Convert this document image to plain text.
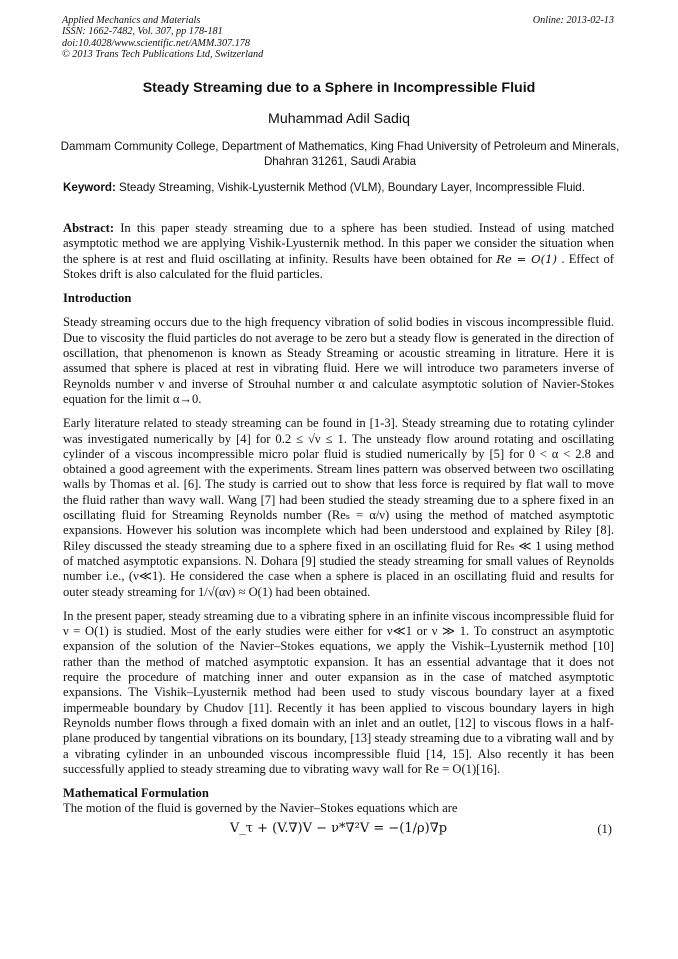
Applied Mechanics and Materials
ISSN: 1662-7482, Vol. 307, pp 178-181
doi:10.4028/www.scientific.net/AMM.307.178
© 2013 Trans Tech Publications Ltd, Switzerland
Online: 2013-02-13
Steady Streaming due to a Sphere in Incompressible Fluid
Muhammad Adil Sadiq
Dammam Community College, Department of Mathematics, King Fhad University of Petroleum and Minerals, Dhahran 31261, Saudi Arabia
Keyword: Steady Streaming, Vishik-Lyusternik Method (VLM), Boundary Layer, Incompressible Fluid.

Abstract: In this paper steady streaming due to a sphere has been studied. Instead of using matched asymptotic method we are applying Vishik-Lyusternik method. In this paper we consider the situation when the sphere is at rest and fluid oscillating at infinity. Results have been obtained for Re = O(1) . Effect of Stokes drift is also calculated for the fluid particles.

Introduction

Steady streaming occurs due to the high frequency vibration of solid bodies in viscous incompressible fluid. Due to viscosity the fluid particles do not average to be zero but a steady flow is generated in the direction of oscillation, that phenomenon is known as Steady Streaming or acoustic streaming in litrature. Here it is assumed that sphere is placed at rest in vibrating fluid. Here we will introduce two parameters inverse of Reynolds number ν and inverse of Strouhal number α and calculate asymptotic solution of Navier-Stokes equation for the limit α→0.

Early literature related to steady streaming can be found in [1-3]. Steady streaming due to rotating cylinder was investigated numerically by [4] for 0.2 ≤ √ν ≤ 1. The unsteady flow around rotating and oscillating cylinder of a viscous incompressible micro polar fluid is studied numerically by [5] for 0 < α < 2.8 and obtained a good agreement with the experiments. Stream lines pattern was observed between two oscillating walls by Thomas et al. [6]. The study is carried out to show that less force is required by flat wall to move the fluid rather than wavy wall. Wang [7] had been studied the steady streaming due to a sphere fixed in an oscillating fluid for Streaming Reynolds number (Reₛ = α/ν) using the method of matched asymptotic expansions. However his solution was incomplete which had been understood and explained by Riley [8]. Riley discussed the steady streaming due to a sphere fixed in an oscillating fluid for Reₛ ≪ 1 using method of matched asymptotic expansions. N. Dohara [9] studied the steady streaming for small values of Reynolds number i.e., (ν≪1). He considered the case when a sphere is placed in an oscillating fluid and results for outer steady streaming for 1/√(αν) ≈ O(1) had been obtained.

In the present paper, steady streaming due to a vibrating sphere in an infinite viscous incompressible fluid for ν = O(1) is studied. Most of the early studies were either for ν≪1 or ν ≫ 1. To construct an asymptotic expansion of the solution of the Navier–Stokes equations, we apply the Vishik–Lyusternik method [10] rather than the method of matched asymptotic expansion. It has an essential advantage that it does not require the procedure of matching inner and outer expansion as in the case of matched asymptotic expansions. The Vishik–Lyusternik method had been used to study viscous boundary layer at a fixed impermeable boundary by Chudov [11]. Recently it has been applied to viscous boundary layers in high Reynolds number flows through a fixed domain with an inlet and an outlet, [12] to viscous flows in a half-plane produced by tangential vibrations on its boundary, [13] steady streaming due to a vibrating wall and by a vibrating cylinder in an unbounded viscous incompressible fluid [14, 15]. Also recently it has been successfully applied to steady streaming due to vibrating wavy wall for Re = O(1)[16].

Mathematical Formulation

The motion of the fluid is governed by the Navier–Stokes equations which are

V_τ + (V.∇)V − ν*∇²V = −(1/ρ)∇p	(1)
